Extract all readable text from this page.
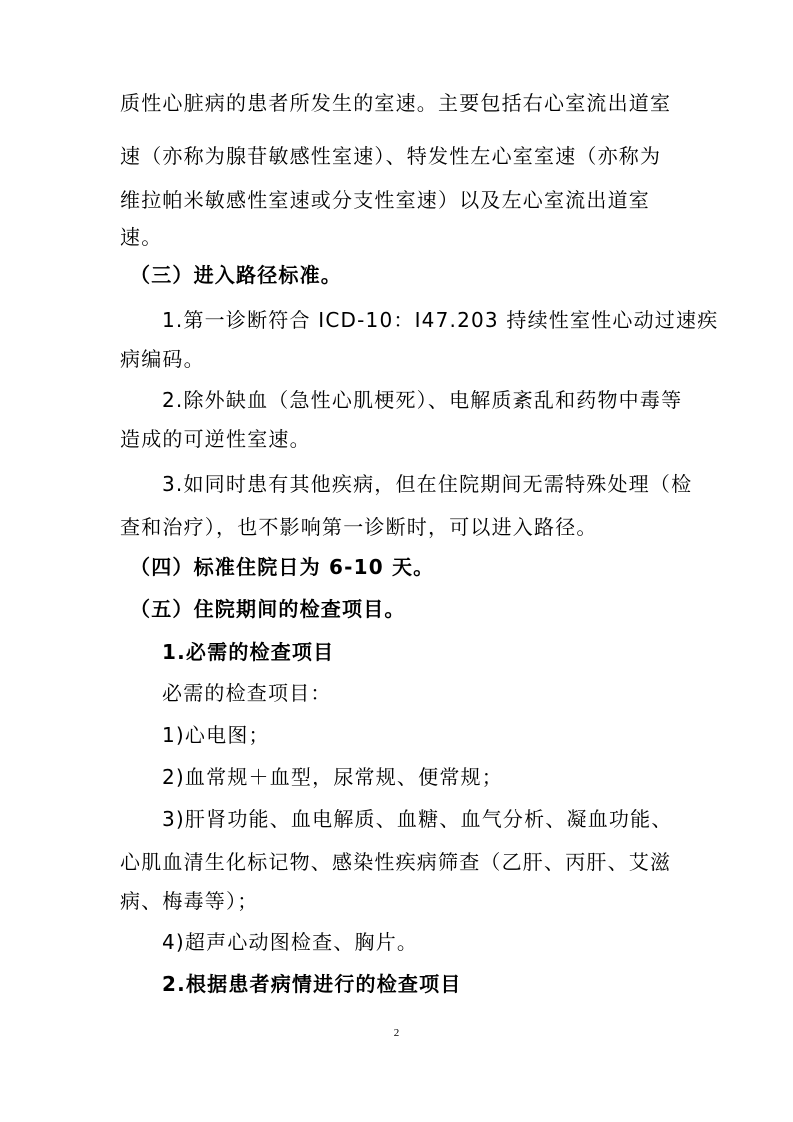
质性心脏病的患者所发生的室速。主要包括右心室流出道室
速（亦称为腺苷敏感性室速）、特发性左心室室速（亦称为
维拉帕米敏感性室速或分支性室速）以及左心室流出道室
速。
（三）进入路径标准。
1.第一诊断符合 ICD-10：I47.203 持续性室性心动过速疾
病编码。
2.除外缺血（急性心肌梗死）、电解质紊乱和药物中毒等
造成的可逆性室速。
3.如同时患有其他疾病，但在住院期间无需特殊处理（检
查和治疗），也不影响第一诊断时，可以进入路径。
（四）标准住院日为 6-10 天。
（五）住院期间的检查项目。
1.必需的检查项目
必需的检查项目：
1)心电图；
2)血常规＋血型，尿常规、便常规；
3)肝肾功能、血电解质、血糖、血气分析、凝血功能、
心肌血清生化标记物、感染性疾病筛查（乙肝、丙肝、艾滋
病、梅毒等）；
4)超声心动图检查、胸片。
2.根据患者病情进行的检查项目
2
